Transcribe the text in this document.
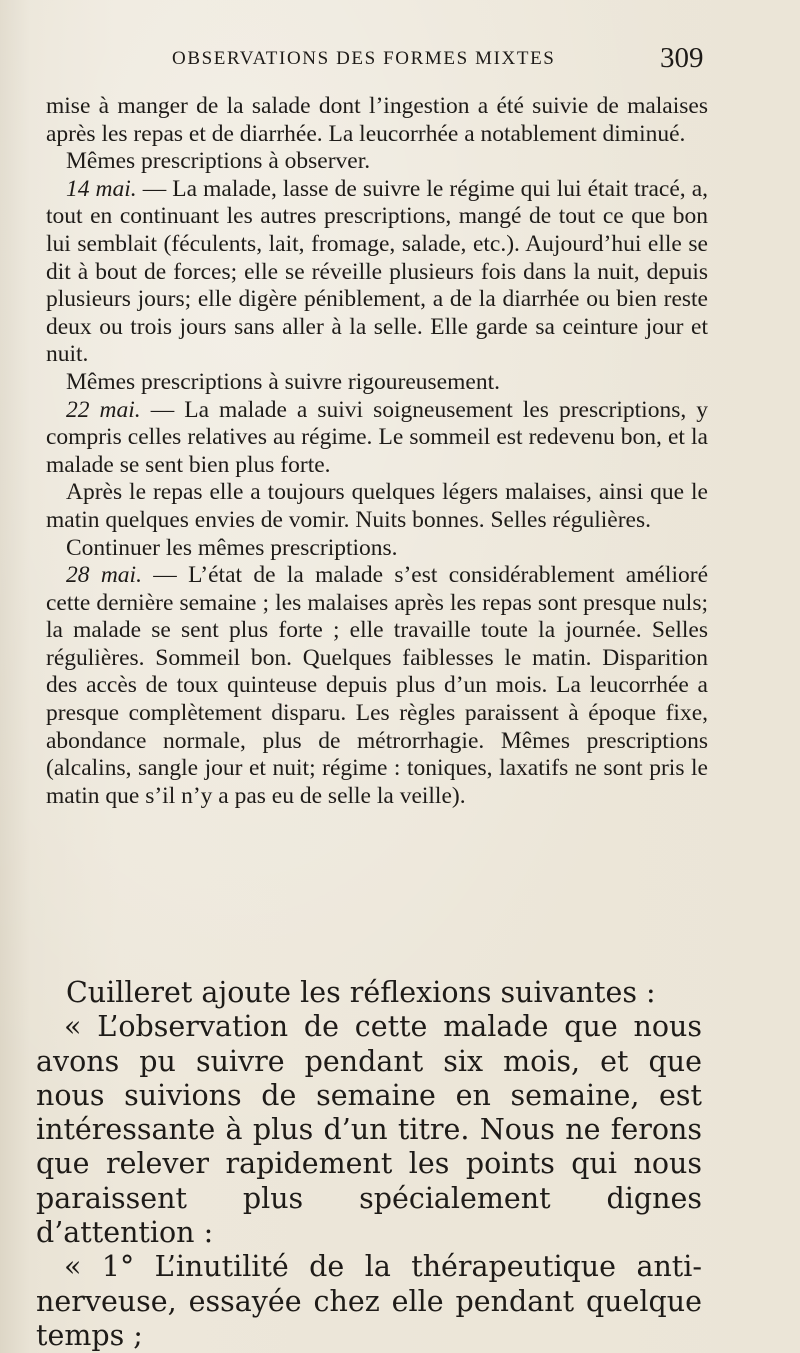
OBSERVATIONS DES FORMES MIXTES	309

mise à manger de la salade dont l’ingestion a été suivie de malaises après les repas et de diarrhée. La leucorrhée a notablement diminué.

Mêmes prescriptions à observer.

14 mai. — La malade, lasse de suivre le régime qui lui était tracé, a, tout en continuant les autres prescriptions, mangé de tout ce que bon lui semblait (féculents, lait, fromage, salade, etc.). Aujourd’hui elle se dit à bout de forces; elle se réveille plusieurs fois dans la nuit, depuis plusieurs jours; elle digère péniblement, a de la diarrhée ou bien reste deux ou trois jours sans aller à la selle. Elle garde sa ceinture jour et nuit.

Mêmes prescriptions à suivre rigoureusement.

22 mai. — La malade a suivi soigneusement les prescriptions, y compris celles relatives au régime. Le sommeil est redevenu bon, et la malade se sent bien plus forte.

Après le repas elle a toujours quelques légers malaises, ainsi que le matin quelques envies de vomir. Nuits bonnes. Selles régulières.

Continuer les mêmes prescriptions.

28 mai. — L’état de la malade s’est considérablement amélioré cette dernière semaine ; les malaises après les repas sont presque nuls; la malade se sent plus forte ; elle travaille toute la journée. Selles régulières. Sommeil bon. Quelques faiblesses le matin. Disparition des accès de toux quinteuse depuis plus d’un mois. La leucorrhée a presque complètement disparu. Les règles paraissent à époque fixe, abondance normale, plus de métrorrhagie. Mêmes prescriptions (alcalins, sangle jour et nuit; régime : toniques, laxatifs ne sont pris le matin que s’il n’y a pas eu de selle la veille).

Cuilleret ajoute les réflexions suivantes :

« L’observation de cette malade que nous avons pu suivre pendant six mois, et que nous suivions de semaine en semaine, est intéressante à plus d’un titre. Nous ne ferons que relever rapidement les points qui nous paraissent plus spécialement dignes d’attention :

« 1° L’inutilité de la thérapeutique anti-nerveuse, essayée chez elle pendant quelque temps ;
